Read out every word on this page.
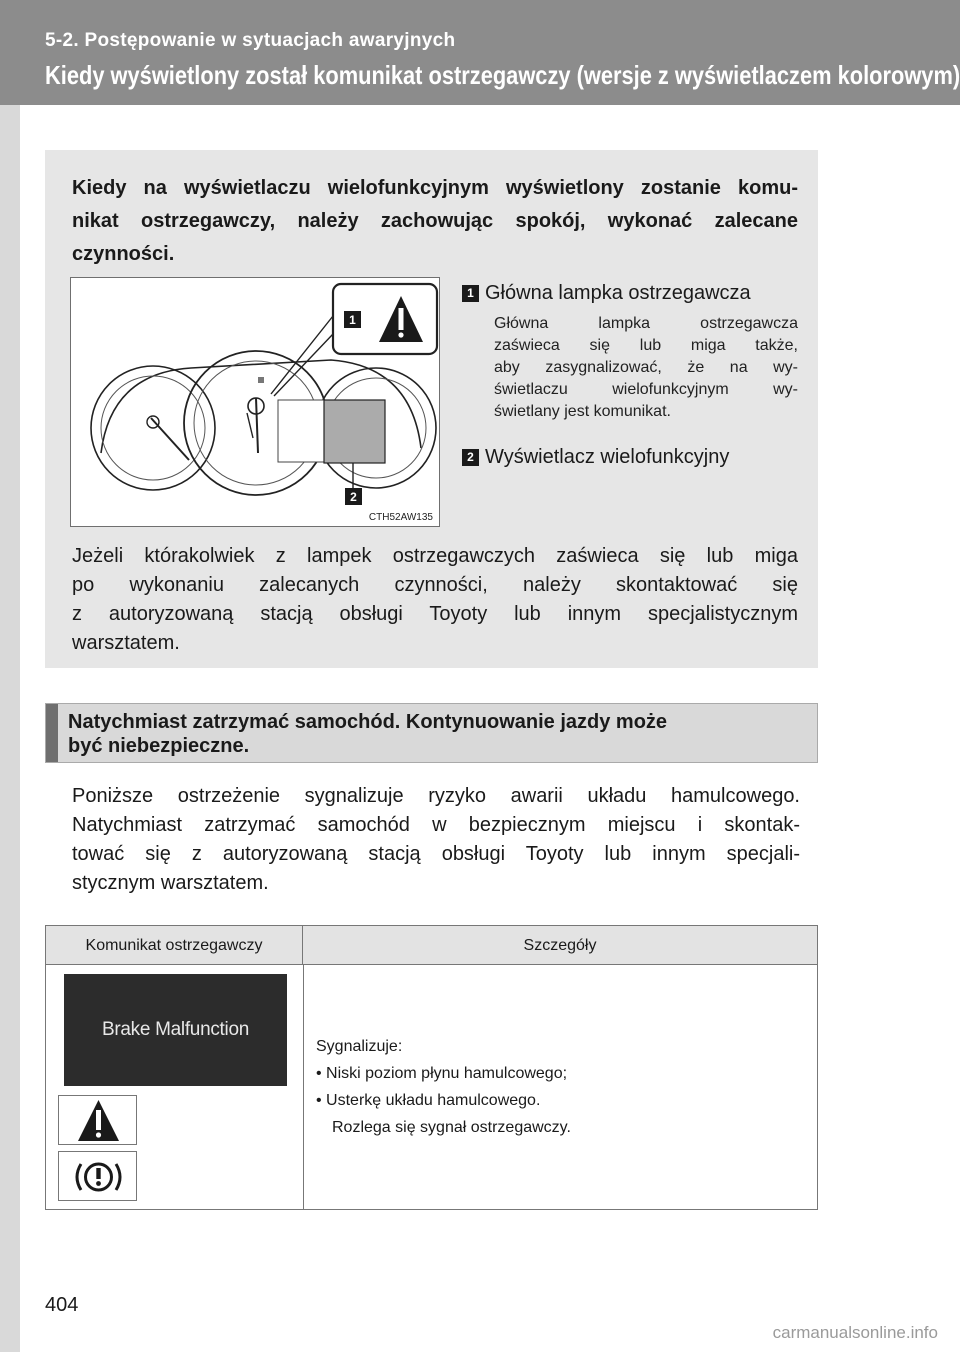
5-2. Postępowanie w sytuacjach awaryjnych
Kiedy wyświetlony został komunikat ostrzegawczy (wersje z wyświetlaczem kolorowym)
Kiedy na wyświetlaczu wielofunkcyjnym wyświetlony zostanie komu-
nikat ostrzegawczy, należy zachowując spokój, wykonać zalecane
czynności.
1
2
CTH52AW135
1 Główna lampka ostrzegawcza
Główna lampka ostrzegawcza
zaświeca się lub miga także,
aby zasygnalizować, że na wy-
świetlaczu wielofunkcyjnym wy-
świetlany jest komunikat.
2 Wyświetlacz wielofunkcyjny
Jeżeli którakolwiek z lampek ostrzegawczych zaświeca się lub miga
po wykonaniu zalecanych czynności, należy skontaktować się
z autoryzowaną stacją obsługi Toyoty lub innym specjalistycznym
warsztatem.
Natychmiast zatrzymać samochód. Kontynuowanie jazdy może
być niebezpieczne.
Poniższe ostrzeżenie sygnalizuje ryzyko awarii układu hamulcowego.
Natychmiast zatrzymać samochód w bezpiecznym miejscu i skontak-
tować się z autoryzowaną stacją obsługi Toyoty lub innym specjali-
stycznym warsztatem.
Komunikat ostrzegawczy	Szczegóły
Brake Malfunction
Sygnalizuje:
• Niski poziom płynu hamulcowego;
• Usterkę układu hamulcowego.
Rozlega się sygnał ostrzegawczy.
404
carmanualsonline.info
